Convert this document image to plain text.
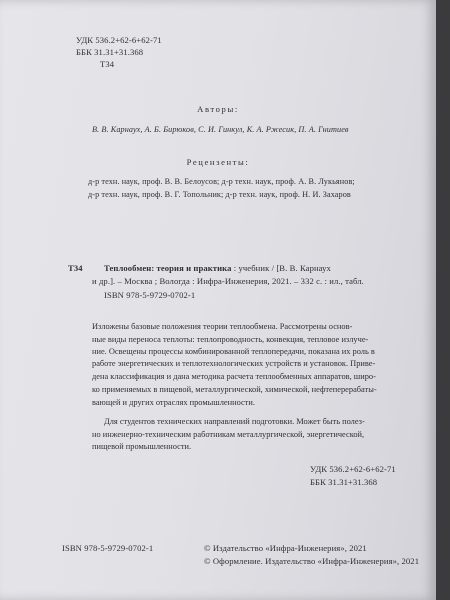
УДК 536.2+62-6+62-71
ББК 31.31+31.368
Т34
Авторы:
В. В. Карнаух, А. Б. Бирюков, С. И. Гинкул, К. А. Ржесик, П. А. Гнитиев
Рецензенты:
д-р техн. наук, проф. В. В. Белоусов; д-р техн. наук, проф. А. В. Лукьянов;
д-р техн. наук, проф. В. Г. Топольник; д-р техн. наук, проф. Н. И. Захаров
Т34 Теплообмен: теория и практика : учебник / [В. В. Карнаух
и др.]. – Москва ; Вологда : Инфра-Инженерия, 2021. – 332 с. : ил., табл.
ISBN 978-5-9729-0702-1
Изложены базовые положения теории теплообмена. Рассмотрены основ-
ные виды переноса теплоты: теплопроводность, конвекция, тепловое излуче-
ние. Освещены процессы комбинированной теплопередачи, показана их роль в
работе энергетических и теплотехнологических устройств и установок. Приве-
дена классификация и дана методика расчета теплообменных аппаратов, широ-
ко применяемых в пищевой, металлургической, химической, нефтеперерабаты-
вающей и других отраслях промышленности.
Для студентов технических направлений подготовки. Может быть полез-
но инженерно-техническим работникам металлургической, энергетической,
пищевой промышленности.
УДК 536.2+62-6+62-71
ББК 31.31+31.368
ISBN 978-5-9729-0702-1	© Издательство «Инфра-Инженерия», 2021
© Оформление. Издательство «Инфра-Инженерия», 2021
